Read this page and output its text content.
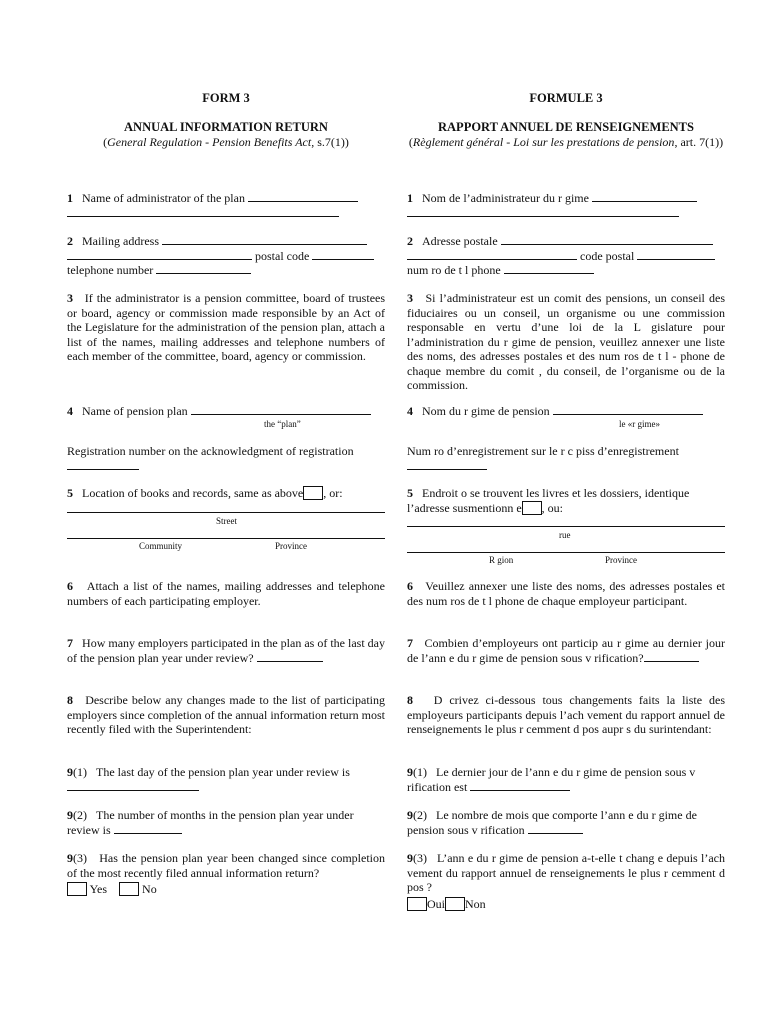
FORM 3
ANNUAL INFORMATION RETURN
(General Regulation - Pension Benefits Act, s.7(1))

1 Name of administrator of the plan

2 Mailing address

postal code

telephone number

3 If the administrator is a pension committee, board of trustees or board, agency or commission made responsible by an Act of the Legislature for the administration of the pension plan, attach a list of the names, mailing addresses and telephone numbers of each member of the committee, board, agency or commission.

4 Name of pension plan

the “plan”

Registration number on the acknowledgment of registration

5 Location of books and records, same as above , or:

Street
Community	Province

6 Attach a list of the names, mailing addresses and telephone numbers of each participating employer.

7 How many employers participated in the plan as of the last day of the pension plan year under review?

8 Describe below any changes made to the list of participating employers since completion of the annual information return most recently filed with the Superintendent:

9(1) The last day of the pension plan year under review is

9(2) The number of months in the pension plan year under review is

9(3) Has the pension plan year been changed since completion of the most recently filed annual information return?

Yes	No

FORMULE 3
RAPPORT ANNUEL DE RENSEIGNEMENTS
(Règlement général - Loi sur les prestations de pension, art. 7(1))

1 Nom de l’administrateur du r gime

2 Adresse postale

code postal

num ro de t l phone

3 Si l’administrateur est un comit des pensions, un conseil des fiduciaires ou un conseil, un organisme ou une commission responsable en vertu d’une loi de la L gislature pour l’administration du r gime de pension, veuillez annexer une liste des noms, des adresses postales et des num ros de t l - phone de chaque membre du comit , du conseil, de l’organisme ou de la commission.

4 Nom du r gime de pension

le «r gime»

Num ro d’enregistrement sur le r c piss d’enregistrement

5 Endroit o se trouvent les livres et les dossiers, identique l’adresse susmentionn e , ou:

rue
R gion	Province

6 Veuillez annexer une liste des noms, des adresses postales et des num ros de t l phone de chaque employeur participant.

7 Combien d’employeurs ont particip au r gime au dernier jour de l’ann e du r gime de pension sous v rification?

8 D crivez ci-dessous tous changements faits la liste des employeurs participants depuis l’ach vement du rapport annuel de renseignements le plus r cemment d pos aupr s du surintendant:

9(1) Le dernier jour de l’ann e du r gime de pension sous v rification est

9(2) Le nombre de mois que comporte l’ann e du r gime de pension sous v rification

9(3) L’ann e du r gime de pension a-t-elle t chang e depuis l’ach vement du rapport annuel de renseignements le plus r cemment d pos ?

Oui Non
